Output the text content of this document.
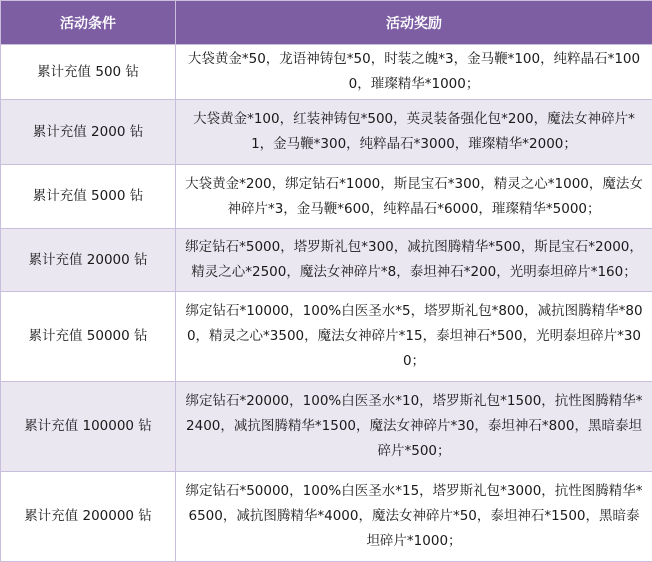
活动条件	活动奖励
累计充值 500 钻	大袋黄金*50，龙语神铸包*50，时装之魄*3，金马鞭*100，纯粹晶石*1000，璀璨精华*1000；
累计充值 2000 钻	大袋黄金*100，红装神铸包*500，英灵装备强化包*200，魔法女神碎片*1，金马鞭*300，纯粹晶石*3000，璀璨精华*2000；
累计充值 5000 钻	大袋黄金*200，绑定钻石*1000，斯昆宝石*300，精灵之心*1000，魔法女神碎片*3，金马鞭*600，纯粹晶石*6000，璀璨精华*5000；
累计充值 20000 钻	绑定钻石*5000，塔罗斯礼包*300，减抗图腾精华*500，斯昆宝石*2000，精灵之心*2500，魔法女神碎片*8，泰坦神石*200，光明泰坦碎片*160；
累计充值 50000 钻	绑定钻石*10000，100%白医圣水*5，塔罗斯礼包*800，减抗图腾精华*800，精灵之心*3500，魔法女神碎片*15，泰坦神石*500，光明泰坦碎片*300；
累计充值 100000 钻	绑定钻石*20000，100%白医圣水*10，塔罗斯礼包*1500，抗性图腾精华*2400，减抗图腾精华*1500，魔法女神碎片*30，泰坦神石*800，黑暗泰坦碎片*500；
累计充值 200000 钻	绑定钻石*50000，100%白医圣水*15，塔罗斯礼包*3000，抗性图腾精华*6500，减抗图腾精华*4000，魔法女神碎片*50，泰坦神石*1500，黑暗泰坦碎片*1000；
